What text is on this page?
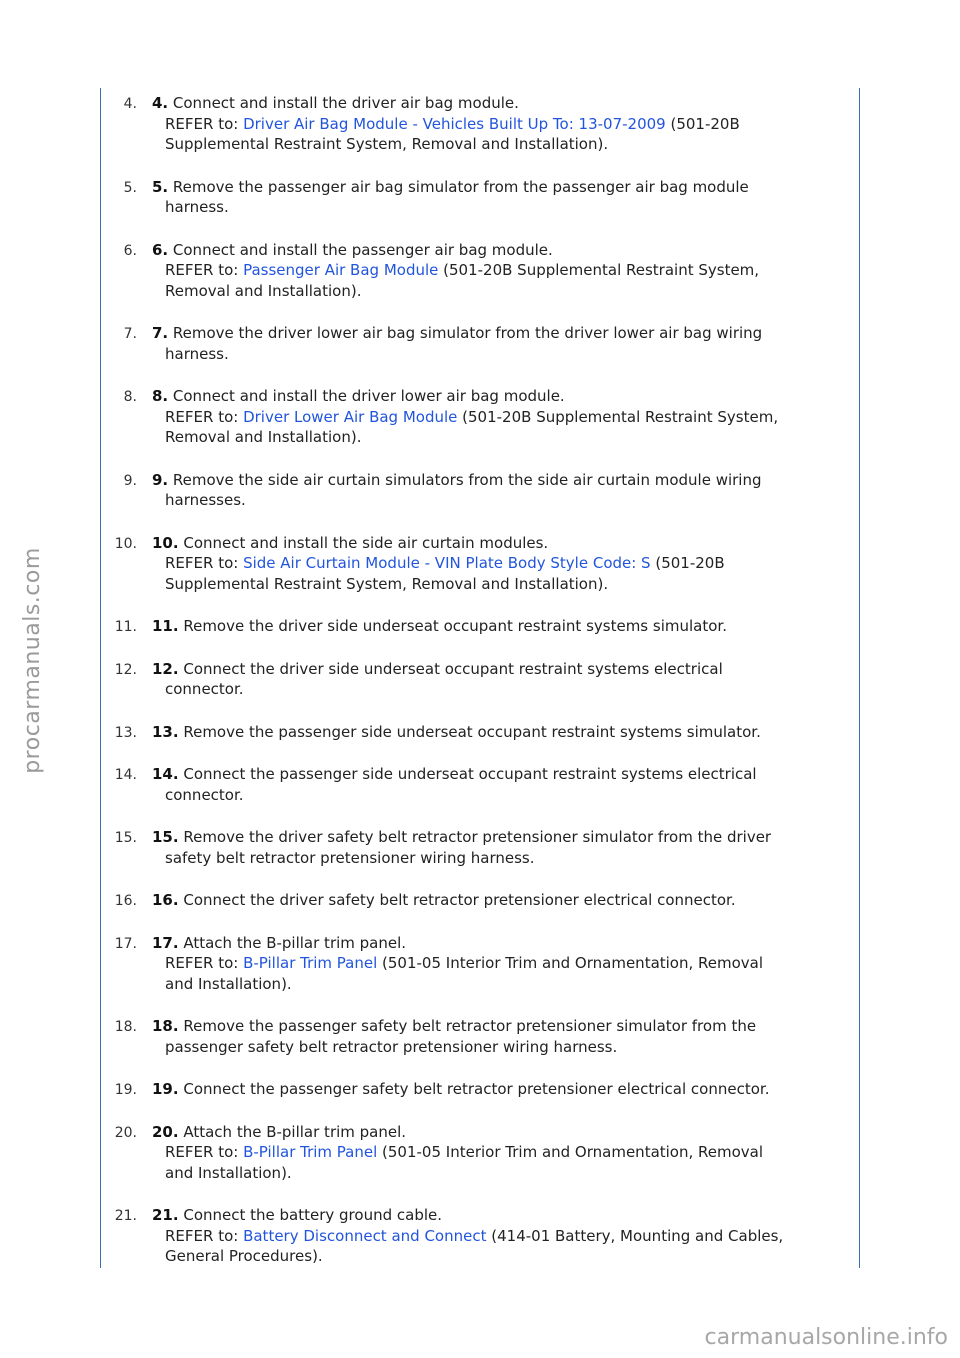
procarmanuals.com
4. 4. Connect and install the driver air bag module.
REFER to: Driver Air Bag Module - Vehicles Built Up To: 13-07-2009 (501-20B
Supplemental Restraint System, Removal and Installation).
5. 5. Remove the passenger air bag simulator from the passenger air bag module
harness.
6. 6. Connect and install the passenger air bag module.
REFER to: Passenger Air Bag Module (501-20B Supplemental Restraint System,
Removal and Installation).
7. 7. Remove the driver lower air bag simulator from the driver lower air bag wiring
harness.
8. 8. Connect and install the driver lower air bag module.
REFER to: Driver Lower Air Bag Module (501-20B Supplemental Restraint System,
Removal and Installation).
9. 9. Remove the side air curtain simulators from the side air curtain module wiring
harnesses.
10. 10. Connect and install the side air curtain modules.
REFER to: Side Air Curtain Module - VIN Plate Body Style Code: S (501-20B
Supplemental Restraint System, Removal and Installation).
11. 11. Remove the driver side underseat occupant restraint systems simulator.
12. 12. Connect the driver side underseat occupant restraint systems electrical
connector.
13. 13. Remove the passenger side underseat occupant restraint systems simulator.
14. 14. Connect the passenger side underseat occupant restraint systems electrical
connector.
15. 15. Remove the driver safety belt retractor pretensioner simulator from the driver
safety belt retractor pretensioner wiring harness.
16. 16. Connect the driver safety belt retractor pretensioner electrical connector.
17. 17. Attach the B-pillar trim panel.
REFER to: B-Pillar Trim Panel (501-05 Interior Trim and Ornamentation, Removal
and Installation).
18. 18. Remove the passenger safety belt retractor pretensioner simulator from the
passenger safety belt retractor pretensioner wiring harness.
19. 19. Connect the passenger safety belt retractor pretensioner electrical connector.
20. 20. Attach the B-pillar trim panel.
REFER to: B-Pillar Trim Panel (501-05 Interior Trim and Ornamentation, Removal
and Installation).
21. 21. Connect the battery ground cable.
REFER to: Battery Disconnect and Connect (414-01 Battery, Mounting and Cables,
General Procedures).
carmanualsonline.info
